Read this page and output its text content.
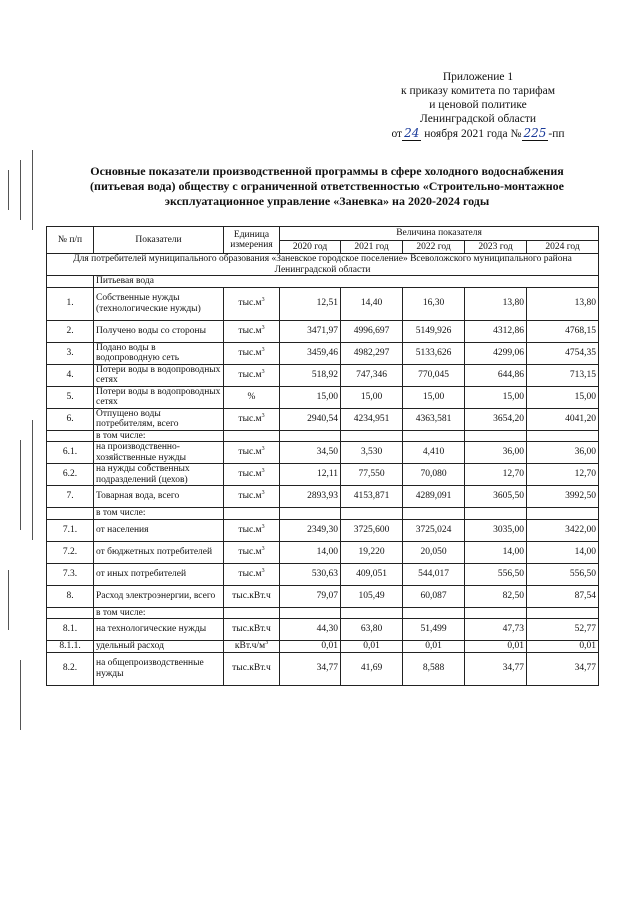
Приложение 1
к приказу комитета по тарифам
и ценовой политике
Ленинградской области
от 24 ноября 2021 года № 225 -пп
Основные показатели производственной программы в сфере холодного водоснабжения
(питьевая вода) обществу с ограниченной ответственностью «Строительно-монтажное
эксплуатационное управление «Заневка» на 2020-2024 годы
№ п/п	Показатели	Единица измерения	Величина показателя				
			2020 год	2021 год	2022 год	2023 год	2024 год
Для потребителей муниципального образования «Заневское городское поселение» Всеволожского муниципального района Ленинградской области							
	Питьевая вода						
1.	Собственные нужды (технологические нужды)	$тыс.м^3$	12,51	14,40	16,30	13,80	13,80
2.	Получено воды со стороны	$тыс.м^3$	3471,97	4996,697	5149,926	4312,86	4768,15
3.	Подано воды в водопроводную сеть	$тыс.м^3$	3459,46	4982,297	5133,626	4299,06	4754,35
4.	Потери воды в водопроводных сетях	$тыс.м^3$	518,92	747,346	770,045	644,86	713,15
5.	Потери воды в водопроводных сетях	%	15,00	15,00	15,00	15,00	15,00
6.	Отпущено воды потребителям, всего	$тыс.м^3$	2940,54	4234,951	4363,581	3654,20	4041,20
	в том числе:						
6.1.	на производственно-хозяйственные нужды	$тыс.м^3$	34,50	3,530	4,410	36,00	36,00
6.2.	на нужды собственных подразделений (цехов)	$тыс.м^3$	12,11	77,550	70,080	12,70	12,70
7.	Товарная вода, всего	$тыс.м^3$	2893,93	4153,871	4289,091	3605,50	3992,50
	в том числе:						
7.1.	от населения	$тыс.м^3$	2349,30	3725,600	3725,024	3035,00	3422,00
7.2.	от бюджетных потребителей	$тыс.м^3$	14,00	19,220	20,050	14,00	14,00
7.3.	от иных потребителей	$тыс.м^3$	530,63	409,051	544,017	556,50	556,50
8.	Расход электроэнергии, всего	тыс.кВт.ч	79,07	105,49	60,087	82,50	87,54
	в том числе:						
8.1.	на технологические нужды	тыс.кВт.ч	44,30	63,80	51,499	47,73	52,77
8.1.1.	удельный расход	$кВт.ч/м^3$	0,01	0,01	0,01	0,01	0,01
8.2.	на общепроизводственные нужды	тыс.кВт.ч	34,77	41,69	8,588	34,77	34,77
